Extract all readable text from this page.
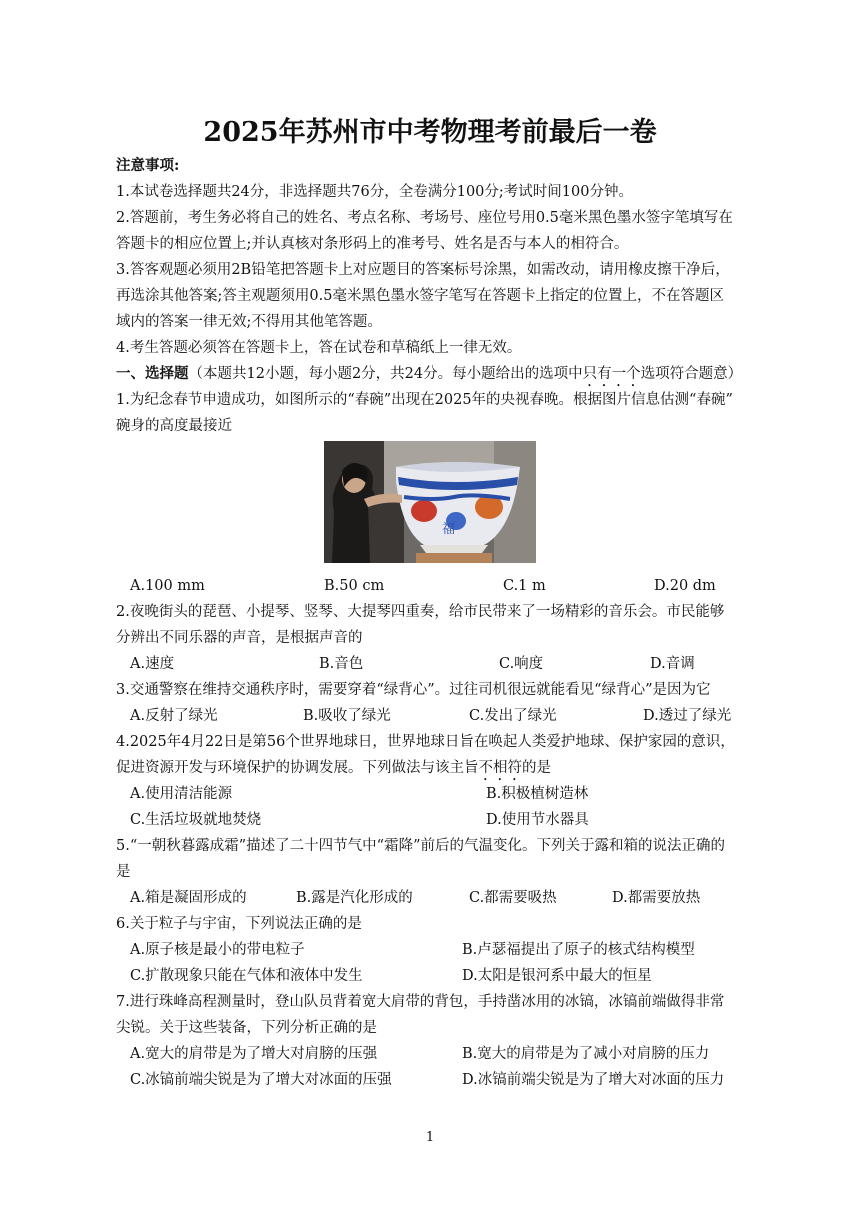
2025年苏州市中考物理考前最后一卷
注意事项:
1.本试卷选择题共24分，非选择题共76分，全卷满分100分;考试时间100分钟。
2.答题前，考生务必将自己的姓名、考点名称、考场号、座位号用0.5毫米黑色墨水签字笔填写在
答题卡的相应位置上;并认真核对条形码上的准考号、姓名是否与本人的相符合。
3.答客观题必须用2B铅笔把答题卡上对应题目的答案标号涂黑，如需改动，请用橡皮擦干净后，
再选涂其他答案;答主观题须用0.5毫米黑色墨水签字笔写在答题卡上指定的位置上，不在答题区
域内的答案一律无效;不得用其他笔答题。
4.考生答题必须答在答题卡上，答在试卷和草稿纸上一律无效。
一、选择题（本题共12小题，每小题2分，共24分。每小题给出的选项中只有一个选项符合题意）
1.为纪念春节申遗成功，如图所示的“春碗”出现在2025年的央视春晚。根据图片信息估测“春碗”
碗身的高度最接近
福
A.100 mm	B.50 cm	C.1 m	D.20 dm
2.夜晚街头的琵琶、小提琴、竖琴、大提琴四重奏，给市民带来了一场精彩的音乐会。市民能够
分辨出不同乐器的声音，是根据声音的
A.速度	B.音色	C.响度	D.音调
3.交通警察在维持交通秩序时，需要穿着“绿背心”。过往司机很远就能看见“绿背心”是因为它
A.反射了绿光	B.吸收了绿光	C.发出了绿光	D.透过了绿光
4.2025年4月22日是第56个世界地球日，世界地球日旨在唤起人类爱护地球、保护家园的意识，
促进资源开发与环境保护的协调发展。下列做法与该主旨不相符的是
A.使用清洁能源	B.积极植树造林
C.生活垃圾就地焚烧	D.使用节水器具
5.“一朝秋暮露成霜”描述了二十四节气中“霜降”前后的气温变化。下列关于露和箱的说法正确的
是
A.箱是凝固形成的	B.露是汽化形成的	C.都需要吸热	D.都需要放热
6.关于粒子与宇宙，下列说法正确的是
A.原子核是最小的带电粒子	B.卢瑟福提出了原子的核式结构模型
C.扩散现象只能在气体和液体中发生	D.太阳是银河系中最大的恒星
7.进行珠峰高程测量时，登山队员背着宽大肩带的背包，手持凿冰用的冰镐，冰镐前端做得非常
尖锐。关于这些装备，下列分析正确的是
A.宽大的肩带是为了增大对肩膀的压强	B.宽大的肩带是为了减小对肩膀的压力
C.冰镐前端尖锐是为了增大对冰面的压强	D.冰镐前端尖锐是为了增大对冰面的压力
1
